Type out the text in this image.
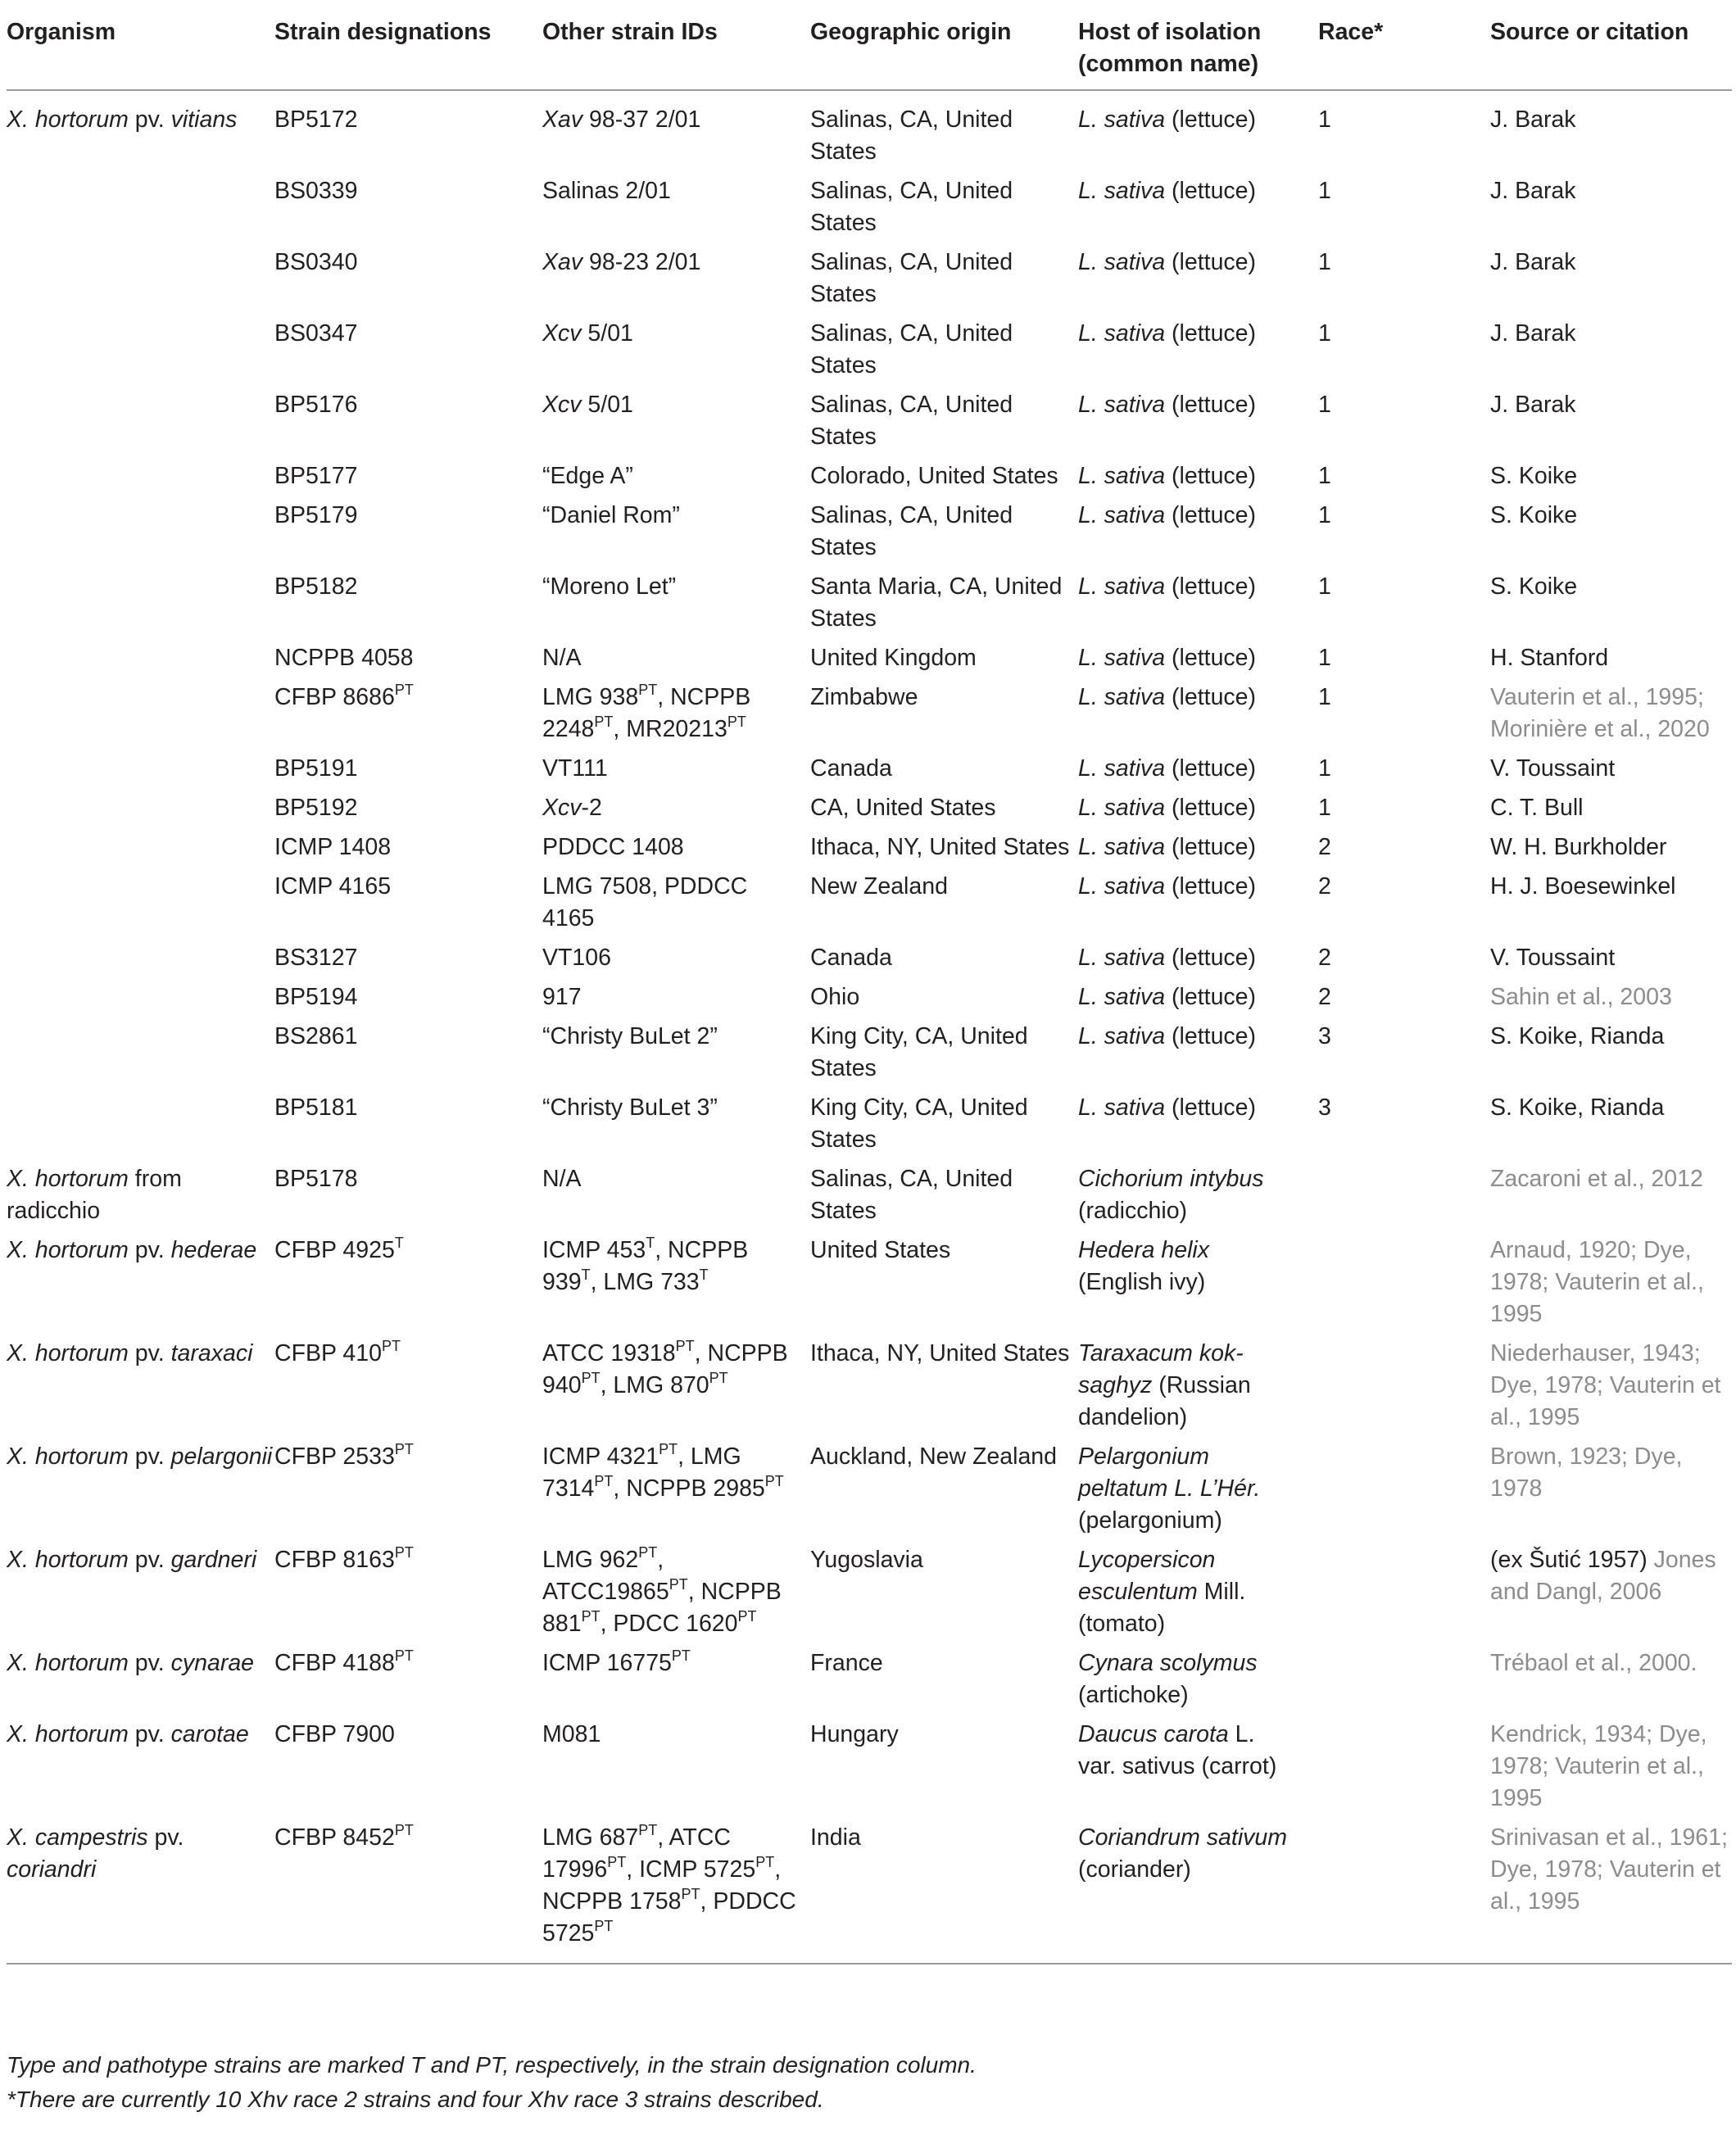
Organism	Strain designations	Other strain IDs	Geographic origin	Host of isolation (common name)	Race*	Source or citation
X. hortorum pv. vitians	BP5172	Xav 98-37 2/01	Salinas, CA, United States	L. sativa (lettuce)	1	J. Barak
	BS0339	Salinas 2/01	Salinas, CA, United States	L. sativa (lettuce)	1	J. Barak
	BS0340	Xav 98-23 2/01	Salinas, CA, United States	L. sativa (lettuce)	1	J. Barak
	BS0347	Xcv 5/01	Salinas, CA, United States	L. sativa (lettuce)	1	J. Barak
	BP5176	Xcv 5/01	Salinas, CA, United States	L. sativa (lettuce)	1	J. Barak
	BP5177	“Edge A”	Colorado, United States	L. sativa (lettuce)	1	S. Koike
	BP5179	“Daniel Rom”	Salinas, CA, United States	L. sativa (lettuce)	1	S. Koike
	BP5182	“Moreno Let”	Santa Maria, CA, United States	L. sativa (lettuce)	1	S. Koike
	NCPPB 4058	N/A	United Kingdom	L. sativa (lettuce)	1	H. Stanford
	CFBP $8686^{PT}$	LMG $938^{PT}$, NCPPB $2248^{PT}$, $MR20213^{PT}$	Zimbabwe	L. sativa (lettuce)	1	Vauterin et al., 1995; Morinière et al., 2020
	BP5191	VT111	Canada	L. sativa (lettuce)	1	V. Toussaint
	BP5192	Xcv-2	CA, United States	L. sativa (lettuce)	1	C. T. Bull
	ICMP 1408	PDDCC 1408	Ithaca, NY, United States	L. sativa (lettuce)	2	W. H. Burkholder
	ICMP 4165	LMG 7508, PDDCC 4165	New Zealand	L. sativa (lettuce)	2	H. J. Boesewinkel
	BS3127	VT106	Canada	L. sativa (lettuce)	2	V. Toussaint
	BP5194	917	Ohio	L. sativa (lettuce)	2	Sahin et al., 2003
	BS2861	“Christy BuLet 2”	King City, CA, United States	L. sativa (lettuce)	3	S. Koike, Rianda
	BP5181	“Christy BuLet 3”	King City, CA, United States	L. sativa (lettuce)	3	S. Koike, Rianda
X. hortorum from radicchio	BP5178	N/A	Salinas, CA, United States	Cichorium intybus (radicchio)		Zacaroni et al., 2012
X. hortorum pv. hederae	CFBP $4925^T$	ICMP $453^T$, NCPPB $939^T$, LMG $733^T$	United States	Hedera helix (English ivy)		Arnaud, 1920; Dye, 1978; Vauterin et al., 1995
X. hortorum pv. taraxaci	CFBP $410^{PT}$	ATCC $19318^{PT}$, NCPPB $940^{PT}$, LMG $870^{PT}$	Ithaca, NY, United States	Taraxacum kok-saghyz (Russian dandelion)		Niederhauser, 1943; Dye, 1978; Vauterin et al., 1995
X. hortorum pv. pelargonii	CFBP $2533^{PT}$	ICMP $4321^{PT}$, LMG $7314^{PT}$, NCPPB $2985^{PT}$	Auckland, New Zealand	Pelargonium peltatum L. L’Hér. (pelargonium)		Brown, 1923; Dye, 1978
X. hortorum pv. gardneri	CFBP $8163^{PT}$	LMG $962^{PT}$, $ATCC19865^{PT}$, NCPPB $881^{PT}$, PDCC $1620^{PT}$	Yugoslavia	Lycopersicon esculentum Mill. (tomato)		(ex Šutić 1957) Jones and Dangl, 2006
X. hortorum pv. cynarae	CFBP $4188^{PT}$	ICMP $16775^{PT}$	France	Cynara scolymus (artichoke)		Trébaol et al., 2000.
X. hortorum pv. carotae	CFBP 7900	M081	Hungary	Daucus carota L. var. sativus (carrot)		Kendrick, 1934; Dye, 1978; Vauterin et al., 1995
X. campestris pv. coriandri	CFBP $8452^{PT}$	LMG $687^{PT}$, ATCC $17996^{PT}$, ICMP $5725^{PT}$, NCPPB $1758^{PT}$, PDDCC $5725^{PT}$	India	Coriandrum sativum (coriander)		Srinivasan et al., 1961; Dye, 1978; Vauterin et al., 1995

Type and pathotype strains are marked T and PT, respectively, in the strain designation column.

*There are currently 10 Xhv race 2 strains and four Xhv race 3 strains described.
